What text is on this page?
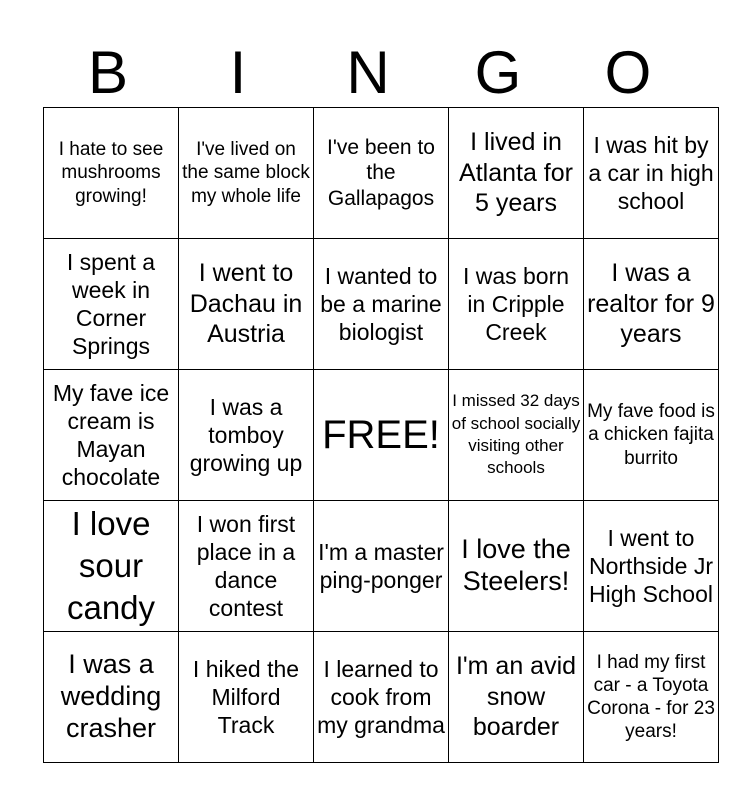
B	I	N	G	O
I hate to see mushrooms growing!	I've lived on the same block my whole life	I've been to the Gallapagos	I lived in Atlanta for 5 years	I was hit by a car in high school
I spent a week in Corner Springs	I went to Dachau in Austria	I wanted to be a marine biologist	I was born in Cripple Creek	I was a realtor for 9 years
My fave ice cream is Mayan chocolate	I was a tomboy growing up	FREE!	I missed 32 days of school socially visiting other schools	My fave food is a chicken fajita burrito
I love sour candy	I won first place in a dance contest	I'm a master ping-ponger	I love the Steelers!	I went to Northside Jr High School
I was a wedding crasher	I hiked the Milford Track	I learned to cook from my grandma	I'm an avid snow boarder	I had my first car - a Toyota Corona - for 23 years!
